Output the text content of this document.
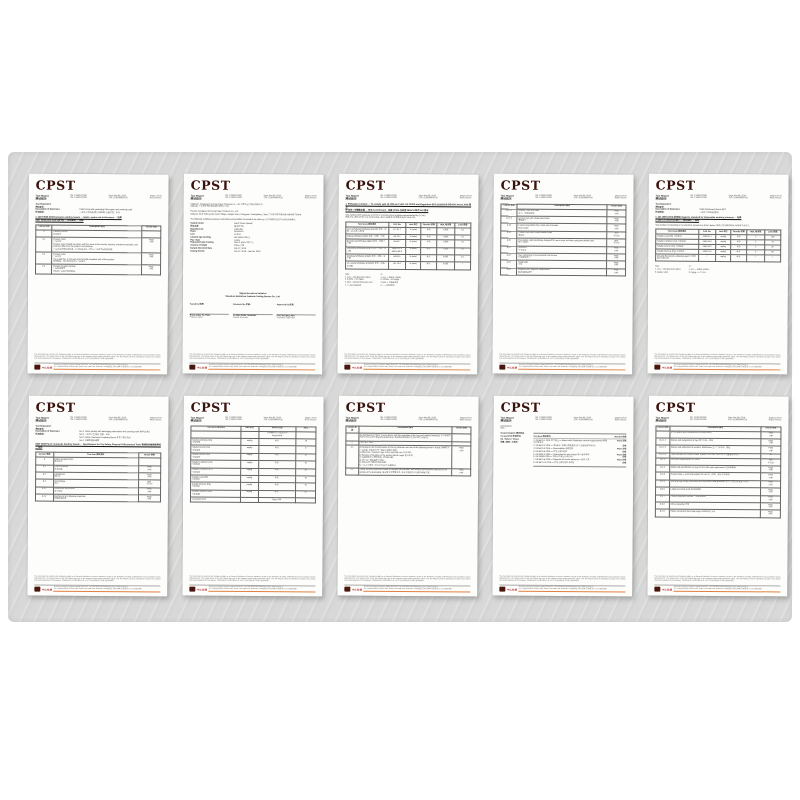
CPST
Test Report
测试报告
No. C1802107592
No. C1802107593
Date: Mar 06, 2018
C/R: 2018030609725
Page 1 of 10
第1页 共10页
Test Requested:
测试要求:
Description of Specimen:	Toilet tissue with packaging information and covering mark
样品描述:	一次性卫生用品(婴儿纸尿裤) 包装信息、标识
1. GB/T 8939-2018 Domestic sanitary towels — labels, marks and instructions — 结果
GB/T 8939-2018 卫生巾(护垫) — 标识要求 — 结果
Clause 条款	Description 描述	Result 结果
5	Labeling section
标识部分	
5.1	Product name
产品名称
Product name should be written with the name of the country, industry, enterprise standard, and shall not differ from the product real property.
产品名称应按国家标准、行业标准命名, 不得与产品真实属性相违背。	Pass
合格
5.2	Product name
产品名称
The model No. or the instruction should compliant with of the product.
型号规格、执行标准等应与产品相符。	Pass
合格
5.3	Product standard number
产品标准编号
应标注产品执行标准编号。	Pass
合格
This Test Report is issued by the Company subject to its General Conditions of Service. Attention is drawn to the limitations of liability, indemnification and jurisdictional issues defined therein. The results shown in this Test Report refer only to the sample(s) tested unless otherwise stated. This Test Report cannot be reproduced, except in full, without prior written approval of the Company. 本报告结果仅对所测试样品负责, 未经本公司书面批准不得部分复制本报告。
中认检测
Shenzhen Restarsun Products Testing Service Co., Ltd. 400-0636-618 service@cpst.org.cn www.cpst.org.cn
4/F, Fuqiang Building, Shihua Road, Futian Free Trade Zone, Shenzhen, Guangdong, China 邮编: 518038 电话: 0755-88266998
CPST
Test Report
测试报告
No. C1802107592
No. C1802107593
Date: Mar 06, 2018
C/R: 2018030609725
Page 2 of 10
第2页 共10页
Applicant: Dongguan Kin Fong Paper Products Co., Ltd. 东莞市金丰纸品有限公司
Address: 广东省东莞市道滘镇大新村工业区
Factory: Dongguan Kin Fong Paper Products Co., Ltd.
Address: No.8 Xinfeng Rd, Daxin Village, Daojiao Town, Dongguan, Guangdong, China 广东省东莞市道滘镇大新村新丰路8号
The following sample(s) was/were submitted and identified on behalf of the client as: 以下测试样品由申请者提供并确认:
Sample Name	Adult Tissue (Wood)
样品名称	湿巾(木浆)
Style/Item No.	1280-256
Buyer	Restarsun
Lot#	12-318
Labeled Age Grading	Not stated 未标注
PO# / SO#	12A01
Requested Age Grading	Over 3 years 3岁以上
Country of Origin	China 中国
Sample Received Date	Feb 27, 2018
Testing Period	Feb 27, 2018 – Mar 06, 2018
Signed for and on behalf of
Shenzhen Restarsun Products Testing Service Co., Ltd.
Tested by 检测:
Rizey Zepcy Fu, Rose
Project Leader
Reviewed by 审核:
Le Alan Folks, Sunshine
Report Reviewer
Approved by 批准:
Prof. Neil Boy, Halt
Technical Supervisor
This Test Report is issued by the Company subject to its General Conditions of Service. Attention is drawn to the limitations of liability, indemnification and jurisdictional issues defined therein. The results shown in this Test Report refer only to the sample(s) tested unless otherwise stated. This Test Report cannot be reproduced, except in full, without prior written approval of the Company. 本报告结果仅对所测试样品负责, 未经本公司书面批准不得部分复制本报告。
中认检测
Shenzhen Restarsun Products Testing Service Co., Ltd. 400-0636-618 service@cpst.org.cn www.cpst.org.cn
4/F, Fuqiang Building, Shihua Road, Futian Free Trade Zone, Shenzhen, Guangdong, China 邮编: 518038 电话: 0755-88266998
CPST
Test Report
测试报告
No. C1802107592
No. C1802107593
Date: Mar 06, 2018
C/R: 2018030609725
Page 3 of 10
第3页 共10页
1. Phthalates Content — To comply with 16 CFR part 1307, US CPSIA and Regulation (EU) 2018/2005 (REACH Annex XVII) 要求
2. 邻苯二甲酸酯含量 — 符合 16 CFR 1307、美国 CPSIA 及欧盟 REACH 附件XVII 要求
Test method: With reference to CPSC-CH-C1001-09.4, analysis was performed by GC-MS.
测试方法: 参照 CPSC-CH-C1001-09.4, 采用气相色谱-质谱联用仪(GC-MS)分析。
Test Items 测试项目	CAS No.	Unit 单位	Results 结果	MDL 检出限	Limit 限值
Di-(2-ethylhexyl) phthalate (DEHP) 邻苯二甲酸二(2-乙基己基)酯	117-81-7	% (w/w)	N.D.	0.005	0.1
Dibutyl phthalate (DBP) 邻苯二甲酸二丁酯	84-74-2	% (w/w)	N.D.	0.005	0.1
Benzyl butyl phthalate (BBP) 邻苯二甲酸丁苄酯	85-68-7	% (w/w)	N.D.	0.005	0.1
Diisononyl phthalate (DINP) 邻苯二甲酸二异壬酯	28553-12-0
68515-48-0	% (w/w)	N.D.	0.005	0.1
Diisobutyl phthalate (DIBP) 邻苯二甲酸二异丁酯	84-69-5	% (w/w)	N.D.	0.005	0.1
Di-n-pentyl phthalate (DPENP) 邻苯二甲酸二正戊酯	131-18-0	% (w/w)	N.D.	0.005	/
Note:
1. N.D. = Not detected (<MDL)
2. 0.005% = 50 mg/kg
3. MDL = Method Detection Limit
4. / = Not regulated
注:
1. N.D. = 未检出 (<MDL)
2. 0.005% = 50 mg/kg
3. MDL = 方法检出限
4. / = 无限量要求
This Test Report is issued by the Company subject to its General Conditions of Service. Attention is drawn to the limitations of liability, indemnification and jurisdictional issues defined therein. The results shown in this Test Report refer only to the sample(s) tested unless otherwise stated. This Test Report cannot be reproduced, except in full, without prior written approval of the Company. 本报告结果仅对所测试样品负责, 未经本公司书面批准不得部分复制本报告。
中认检测
Shenzhen Restarsun Products Testing Service Co., Ltd. 400-0636-618 service@cpst.org.cn www.cpst.org.cn
4/F, Fuqiang Building, Shihua Road, Futian Free Trade Zone, Shenzhen, Guangdong, China 邮编: 518038 电话: 0755-88266998
CPST
Test Report
测试报告
No. C1802107592
No. C1802107593
Date: Mar 06, 2018
C/R: 2018030609725
Page 4 of 10
第4页 共10页
Clause 条款	Description 描述	Result 结果
4.17.2	Wheels, tires and axles
轮子、轮胎和轮轴	Pass
合格
4.17.3	Friction toys with visual wheel drive
摩擦玩具	Pass
合格
4.18	Certain projections that a child can sit astride
特定突出物	Pass
合格
4.19	Handle toys used in/with flexible loops
柔性环	N/A
不适用
4.20	Percussion caps specifically designed for use in toys, and toys using percussion caps
玩具火药帽	N/A
不适用
4.21	Acoustics
声学要求	Pass
合格
4.22	Toys containing a non-electrical heat source
非电热源玩具	Pass
合格
4.23	Small balls
小球	Pass
合格
4.24	Magnets and magnetic components
磁体和磁性部件	Pass
合格
This Test Report is issued by the Company subject to its General Conditions of Service. Attention is drawn to the limitations of liability, indemnification and jurisdictional issues defined therein. The results shown in this Test Report refer only to the sample(s) tested unless otherwise stated. This Test Report cannot be reproduced, except in full, without prior written approval of the Company. 本报告结果仅对所测试样品负责, 未经本公司书面批准不得部分复制本报告。
中认检测
Shenzhen Restarsun Products Testing Service Co., Ltd. 400-0636-618 service@cpst.org.cn www.cpst.org.cn
4/F, Fuqiang Building, Shihua Road, Futian Free Trade Zone, Shenzhen, Guangdong, China 邮编: 518038 电话: 0755-88266998
CPST
Test Report
测试报告
No. C1802107592
No. C1802107593
Date: Mar 06, 2018
C/R: 2018030609725
Page 5 of 10
第5页 共10页
Test Requested:
测试要求:
Description of Specimen:	Toilet (Moistened) tissue 湿巾
样品描述:	一次性卫生用品(湿巾)
1. GB 15979-2002 (附录B) Hygienic standard for disposable sanitary products — 结果
2. GB/T 27728-2011 湿巾 — 理化指标 — 结果
Test method: As specified in the standard. Results are shown below. 测试方法见相应标准, 结果如下表所示。
Test Items 测试项目	CAS No.	Unit 单位	Results 结果	MDL 检出限	Limit 限值
Soluble Lead (Pb) 可溶性铅	7439-92-1	mg/kg	N.D.	2	100
Soluble Cadmium (Cd) 可溶性镉	7440-43-9	mg/kg	N.D.	2	75
Soluble Arsenic (As) 可溶性砷	7440-38-2	mg/kg	N.D.	2	25
Soluble Mercury (Hg) 可溶性汞	7439-97-6	mg/kg	N.D.	2	60
Movable fluorescent whitening agent 可迁移性荧光增白剂	/	mg/kg	N.D.	/	/
Note:
1. N.D. = Not detected (<MDL)
2. mg/kg = ppm
注:
1. N.D. = 未检出 (<MDL)
2. mg/kg = 百万分之一
This Test Report is issued by the Company subject to its General Conditions of Service. Attention is drawn to the limitations of liability, indemnification and jurisdictional issues defined therein. The results shown in this Test Report refer only to the sample(s) tested unless otherwise stated. This Test Report cannot be reproduced, except in full, without prior written approval of the Company. 本报告结果仅对所测试样品负责, 未经本公司书面批准不得部分复制本报告。
中认检测
Shenzhen Restarsun Products Testing Service Co., Ltd. 400-0636-618 service@cpst.org.cn www.cpst.org.cn
4/F, Fuqiang Building, Shihua Road, Futian Free Trade Zone, Shenzhen, Guangdong, China 邮编: 518038 电话: 0755-88266998
CPST
Test Report
测试报告
No. C1802107592
No. C1802107593
Date: Mar 06, 2018
C/R: 2018030609725
Page 6 of 10
第6页 共10页
Test Requested:
测试要求:
Description of Specimen:	No.1: Fabric (white) with packaging information and covering mark 面料(白色)
样品描述:	No.2: 一次性卫生用品 包装、标识
No.3: Fabric: Restarsun requested items 委托方指定项目
No.4: 包装用塑料薄膜
GB/T 8939 Part 1: Domestic Sanitary towels — Specification for Toy Safety, Physical & Mechanical Tests 物理和机械性能测试 — 结果
Section 条款	Test Item 测试项目	Result 结果
4	Safety Requirements
安全要求	
4.1	External quality
外观质量	Pass
合格
4.2	Cleanliness
清洁度	Pass
合格
4.3	Terminology
术语	N/A
不适用
4.3.1	Hazardous substances
有害物质	Pass
合格
4.3.2	Mechanical and physical properties
机械物理性能	Pass
合格
This Test Report is issued by the Company subject to its General Conditions of Service. Attention is drawn to the limitations of liability, indemnification and jurisdictional issues defined therein. The results shown in this Test Report refer only to the sample(s) tested unless otherwise stated. This Test Report cannot be reproduced, except in full, without prior written approval of the Company. 本报告结果仅对所测试样品负责, 未经本公司书面批准不得部分复制本报告。
中认检测
Shenzhen Restarsun Products Testing Service Co., Ltd. 400-0636-618 service@cpst.org.cn www.cpst.org.cn
4/F, Fuqiang Building, Shihua Road, Futian Free Trade Zone, Shenzhen, Guangdong, China 邮编: 518038 电话: 0755-88266998
CPST
Test Report
测试报告
No. C1802107592
No. C1802107593
Date: Mar 06, 2018
C/R: 2018030609725
Page 7 of 10
第7页 共10页
Test Items 测试项目	Unit 单位	Result 结果	MDL
		1-Wipes-01 面层无纺布
Result 结果	
Soluble Antimony (Sb)
可溶性锑	mg/kg	N.D.	10
Soluble Arsenic (As)
可溶性砷	mg/kg	N.D.	5
Soluble Barium (Ba)
可溶性钡	mg/kg	N.D.	10
Soluble Cadmium (Cd)
可溶性镉	mg/kg	N.D.	10
Soluble Chromium (Cr)
可溶性铬	mg/kg	N.D.	10
Soluble Lead (Pb)
可溶性铅	mg/kg	N.D.	10
Soluble Mercury (Hg)
可溶性汞	mg/kg	N.D.	10
Soluble Selenium (Se)
可溶性硒	mg/kg	N.D.	10
Conclusion 结论		Pass 合格	
This Test Report is issued by the Company subject to its General Conditions of Service. Attention is drawn to the limitations of liability, indemnification and jurisdictional issues defined therein. The results shown in this Test Report refer only to the sample(s) tested unless otherwise stated. This Test Report cannot be reproduced, except in full, without prior written approval of the Company. 本报告结果仅对所测试样品负责, 未经本公司书面批准不得部分复制本报告。
中认检测
Shenzhen Restarsun Products Testing Service Co., Ltd. 400-0636-618 service@cpst.org.cn www.cpst.org.cn
4/F, Fuqiang Building, Shihua Road, Futian Free Trade Zone, Shenzhen, Guangdong, China 邮编: 518038 电话: 0755-88266998
CPST
Test Report
测试报告
No. C1802107592
No. C1802107593
Date: Mar 06, 2018
C/R: 2018030609725
Page 8 of 10
第8页 共10页
Clause 条款	Description 描述	Result 结果
	As distributed in China, in accordance with the regulation of the toys and national standard, 在中国销售的玩具应符合玩具安全国家标准的要求, 相关标识和说明信息要求如下 (表B.2):	
2	Form B.2 表B.2	
2.1	According to the characteristics of the toy products, use one of the following terms or words, 根据玩具产品特性, 应标注下列一种或多种警示说明:
a) Minimum / maximum age of the intended user 适用年龄;
b) Warning of hanging on the product labels, signs 警示标识;
c) 包装材料存在窒息危险, 请远离儿童;
d) 请在成人直接监护下使用;
e) 使用前请仔细阅读使用说明;
f) 产品含小零件, 不适合3岁以下儿童使用。	Pass
合格
2.2	Safety warning assembly should be adapted for the label, and shall be permanently attached to the outside of the packaging. 安全警示应清晰易读, 并永久地标注在包装的明显位置。	Pass
合格
This Test Report is issued by the Company subject to its General Conditions of Service. Attention is drawn to the limitations of liability, indemnification and jurisdictional issues defined therein. The results shown in this Test Report refer only to the sample(s) tested unless otherwise stated. This Test Report cannot be reproduced, except in full, without prior written approval of the Company. 本报告结果仅对所测试样品负责, 未经本公司书面批准不得部分复制本报告。
中认检测
Shenzhen Restarsun Products Testing Service Co., Ltd. 400-0636-618 service@cpst.org.cn www.cpst.org.cn
4/F, Fuqiang Building, Shihua Road, Futian Free Trade Zone, Shenzhen, Guangdong, China 邮编: 518038 电话: 0755-88266998
CPST
Test Report
测试报告
No. C1802107592
No. C1802107593
Date: Mar 06, 2018
C/R: 2018030609725
Page 9 of 10
第9页 共10页
Conclusions:
结论:
Tested Samples 测试样品
As specified 如前所述
Ink / Fabric / Tissue
油墨 / 面料 / 无纺布
Test Item 测试项目	Results 结果
1. GB 6675.1-2014 玩具安全 — Basic code (Phthalates content requirements) 增塑剂含量要求
Pass 合格
2. GB 6675.2-2014 — 第2部分: 机械与物理性能 (不含包装及标识要求)	合格
3. GB 6675.3-2014 — Flammability 易燃性能	Pass 合格
4. GB 6675.4-2014 — 特定元素的迁移	合格
5. GB 5296.5-2006 — Instructions for use of toys 玩具使用说明	Pass 合格
6. GB 19865-2005 — 电玩具的安全 (如适用)	合格
7. GB 6675.4-2014 — Migration of certain elements 可迁移元素	Pass 合格
8. GB 6675.11-2014 — 特定元素的迁移 (织物)	合格
This Test Report is issued by the Company subject to its General Conditions of Service. Attention is drawn to the limitations of liability, indemnification and jurisdictional issues defined therein. The results shown in this Test Report refer only to the sample(s) tested unless otherwise stated. This Test Report cannot be reproduced, except in full, without prior written approval of the Company. 本报告结果仅对所测试样品负责, 未经本公司书面批准不得部分复制本报告。
中认检测
Shenzhen Restarsun Products Testing Service Co., Ltd. 400-0636-618 service@cpst.org.cn www.cpst.org.cn
4/F, Fuqiang Building, Shihua Road, Futian Free Trade Zone, Shenzhen, Guangdong, China 邮编: 518038 电话: 0755-88266998
CPST
Test Report
测试报告
No. C1802107592
No. C1802107593
Date: Mar 06, 2018
C/R: 2018030609725
Page 10 of 10
第10页 共10页
Clause 条款	Description 描述	Result 结果
	(续表) Marks and instructions 标识和使用说明	Pass
合格
B.2.1.2	Names and designation of toys 玩具名称、型号	Pass
合格
B.2.1.3	Names and addresses of vendors, distributors 生产厂家名称、地址	Pass
合格
B.2.1.4	Toys intended for children under 3 years 适用年龄: 供3岁以下儿童使用的玩具	—
B.2.2	Electrical requirements 电气要求	N/A
不适用
B.2.3	Model and specification on toys for the safe and requirements 型号和规格	Pass
合格
B.2.4	Product date — main instructions for use 生产日期、使用方法说明	Pass
合格
B.2.5	Warning! Age range (with label) and toys with a sharp section 警告! 年龄范围及警示标识	Pass
合格
B.2.6	Labels and trade mark 标签和商标	Pass
合格
B.2.7	Product standard number 产品标准编号	Pass
合格
B.2.8	Others (specify) 其他	Pass
合格
B.2.9	Report conclusion (see final page) 总体结论见末页	Pass
合格
This Test Report is issued by the Company subject to its General Conditions of Service. Attention is drawn to the limitations of liability, indemnification and jurisdictional issues defined therein. The results shown in this Test Report refer only to the sample(s) tested unless otherwise stated. This Test Report cannot be reproduced, except in full, without prior written approval of the Company. 本报告结果仅对所测试样品负责, 未经本公司书面批准不得部分复制本报告。
中认检测
Shenzhen Restarsun Products Testing Service Co., Ltd. 400-0636-618 service@cpst.org.cn www.cpst.org.cn
4/F, Fuqiang Building, Shihua Road, Futian Free Trade Zone, Shenzhen, Guangdong, China 邮编: 518038 电话: 0755-88266998
